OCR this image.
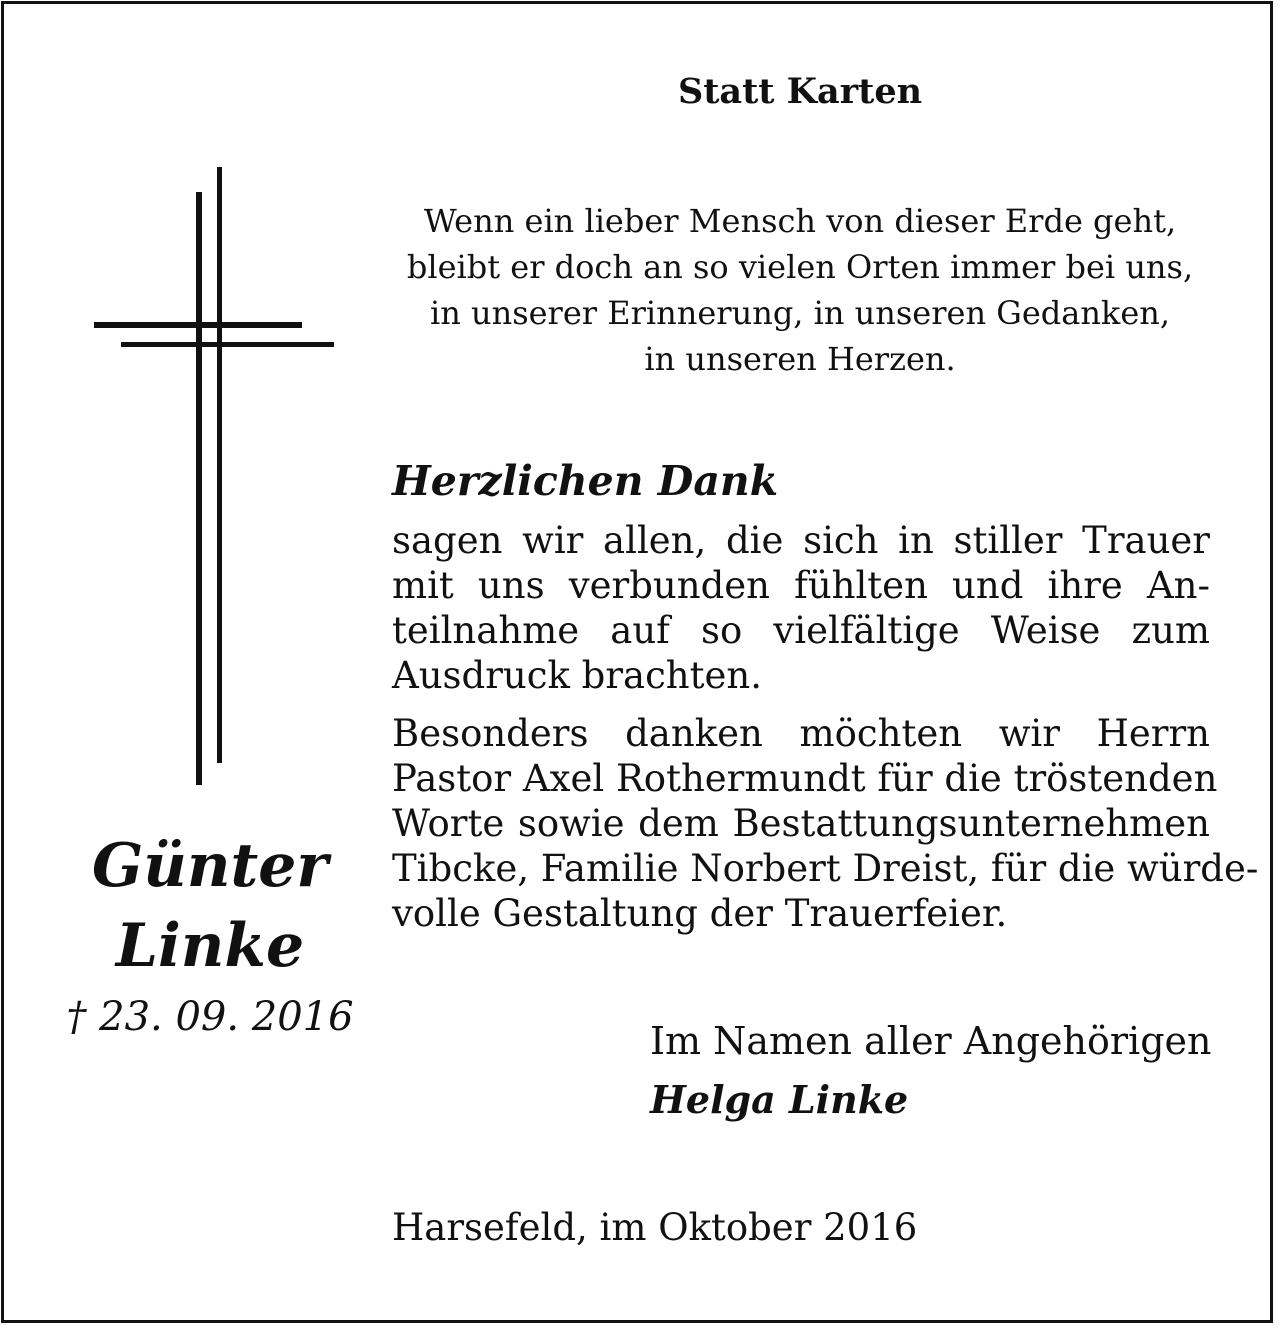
Statt Karten
Wenn ein lieber Mensch von dieser Erde geht,
bleibt er doch an so vielen Orten immer bei uns,
in unserer Erinnerung, in unseren Gedanken,
in unseren Herzen.
Herzlichen Dank
sagen wir allen, die sich in stiller Trauer
mit uns verbunden fühlten und ihre An-
teilnahme auf so vielfältige Weise zum
Ausdruck brachten.
Besonders danken möchten wir Herrn
Pastor Axel Rothermundt für die tröstenden
Worte sowie dem Bestattungsunternehmen
Tibcke, Familie Norbert Dreist, für die würde-
volle Gestaltung der Trauerfeier.
Günter
Linke
† 23. 09. 2016
Im Namen aller Angehörigen
Helga Linke
Harsefeld, im Oktober 2016
